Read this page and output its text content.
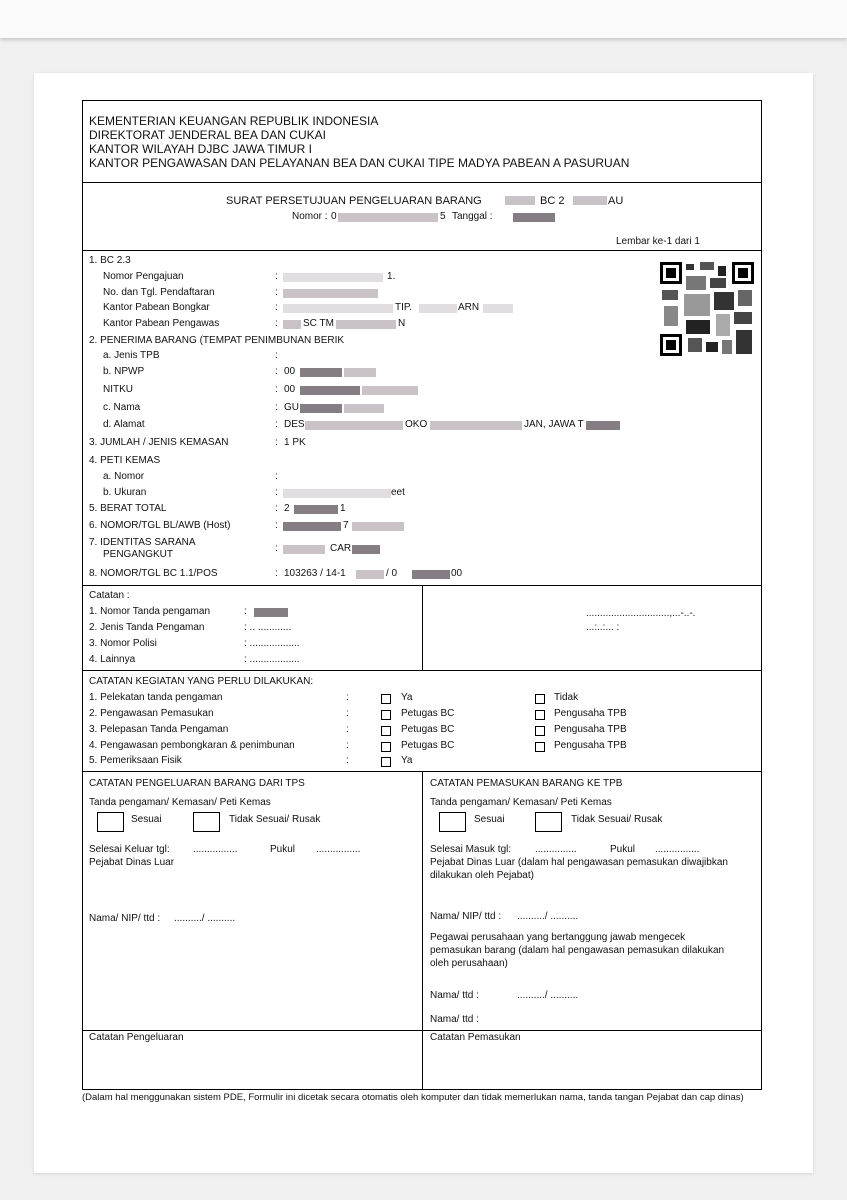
KEMENTERIAN KEUANGAN REPUBLIK INDONESIA
DIREKTORAT JENDERAL BEA DAN CUKAI
KANTOR WILAYAH DJBC JAWA TIMUR I
KANTOR PENGAWASAN DAN PELAYANAN BEA DAN CUKAI TIPE MADYA PABEAN A PASURUAN
SURAT PERSETUJUAN PENGELUARAN BARANG	BC 2	AU
Nomor : 0	5 Tanggal :
Lembar ke-1 dari 1
1. BC 2.3
Nomor Pengajuan	:	1.
No. dan Tgl. Pendaftaran	:
Kantor Pabean Bongkar	:	TIP.	ARN
Kantor Pabean Pengawas	:	SC TM	N
2. PENERIMA BARANG (TEMPAT PENIMBUNAN BERIK
a. Jenis TPB	:
b. NPWP	: 00
NITKU	: 00
c. Nama	: GU
d. Alamat	: DES	OKO	JAN, JAWA T
3. JUMLAH / JENIS KEMASAN	: 1 PK
4. PETI KEMAS
a. Nomor	:
b. Ukuran	:	eet
5. BERAT TOTAL	: 2	1
6. NOMOR/TGL BL/AWB (Host)	:	7
7. IDENTITAS SARANA
PENGANGKUT
:	CAR
8. NOMOR/TGL BC 1.1/POS	: 103263 / 14-1	/ 0	00
Catatan :
1. Nomor Tanda pengaman	:
2. Jenis Tanda Pengaman	: .. ............
3. Nomor Polisi	: ..................
4. Lainnya	: ..................
..............................,...-..-.
...:..:... :
CATATAN KEGIATAN YANG PERLU DILAKUKAN:
1. Pelekatan tanda pengaman	:	Ya	Tidak
2. Pengawasan Pemasukan	:	Petugas BC	Pengusaha TPB
3. Pelepasan Tanda Pengaman	:	Petugas BC	Pengusaha TPB
4. Pengawasan pembongkaran & penimbunan	:	Petugas BC	Pengusaha TPB
5. Pemeriksaan Fisik	:	Ya
CATATAN PENGELUARAN BARANG DARI TPS
Tanda pengaman/ Kemasan/ Peti Kemas
Sesuai	Tidak Sesuai/ Rusak
Selesai Keluar tgl: ................	Pukul ................
Pejabat Dinas Luar
Nama/ NIP/ ttd : ........../ ..........
Catatan Pengeluaran
CATATAN PEMASUKAN BARANG KE TPB
Tanda pengaman/ Kemasan/ Peti Kemas
Sesuai	Tidak Sesuai/ Rusak
Selesai Masuk tgl: ...............	Pukul ................
Pejabat Dinas Luar (dalam hal pengawasan pemasukan diwajibkan
dilakukan oleh Pejabat)
Nama/ NIP/ ttd : ........../ ..........
Pegawai perusahaan yang bertanggung jawab mengecek
pemasukan barang (dalam hal pengawasan pemasukan dilakukan
oleh perusahaan)
Nama/ ttd :	........../ ..........
Nama/ ttd :
Catatan Pemasukan
(Dalam hal menggunakan sistem PDE, Formulir ini dicetak secara otomatis oleh komputer dan tidak memerlukan nama, tanda tangan Pejabat dan cap dinas)
